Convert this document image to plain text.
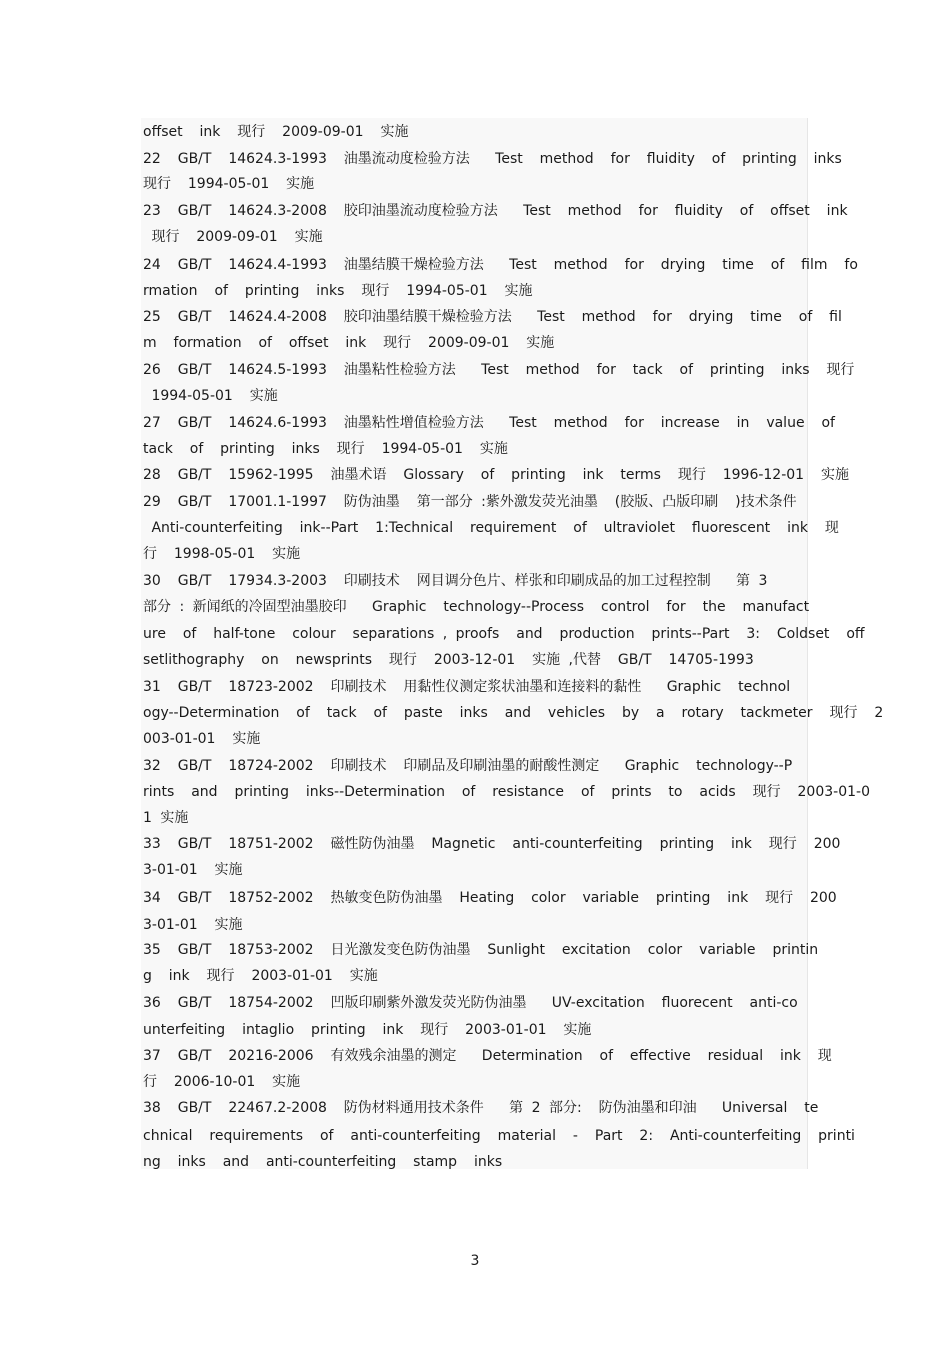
offset  ink  现行  2009-09-01  实施
22  GB/T  14624.3-1993  油墨流动度检验方法   Test  method  for  fluidity  of  printing  inks
现行  1994-05-01  实施
23  GB/T  14624.3-2008  胶印油墨流动度检验方法   Test  method  for  fluidity  of  offset  ink
现行  2009-09-01  实施
24  GB/T  14624.4-1993  油墨结膜干燥检验方法   Test  method  for  drying  time  of  film  fo
rmation  of  printing  inks  现行  1994-05-01  实施
25  GB/T  14624.4-2008  胶印油墨结膜干燥检验方法   Test  method  for  drying  time  of  fil
m  formation  of  offset  ink  现行  2009-09-01  实施
26  GB/T  14624.5-1993  油墨粘性检验方法   Test  method  for  tack  of  printing  inks  现行
1994-05-01  实施
27  GB/T  14624.6-1993  油墨粘性增值检验方法   Test  method  for  increase  in  value  of
tack  of  printing  inks  现行  1994-05-01  实施
28  GB/T  15962-1995  油墨术语  Glossary  of  printing  ink  terms  现行  1996-12-01  实施
29  GB/T  17001.1-1997  防伪油墨  第一部分 :紫外激发荧光油墨  (胶版、凸版印刷  )技术条件
Anti-counterfeiting  ink--Part  1:Technical  requirement  of  ultraviolet  fluorescent  ink  现
行  1998-05-01  实施
30  GB/T  17934.3-2003  印刷技术  网目调分色片、样张和印刷成品的加工过程控制   第 3
部分 : 新闻纸的冷固型油墨胶印   Graphic  technology--Process  control  for  the  manufact
ure  of  half-tone  colour  separations , proofs  and  production  prints--Part  3:  Coldset  off
setlithography  on  newsprints  现行  2003-12-01  实施 ,代替  GB/T  14705-1993
31  GB/T  18723-2002  印刷技术  用黏性仪测定浆状油墨和连接料的黏性   Graphic  technol
ogy--Determination  of  tack  of  paste  inks  and  vehicles  by  a  rotary  tackmeter  现行  2
003-01-01  实施
32  GB/T  18724-2002  印刷技术  印刷品及印刷油墨的耐酸性测定   Graphic  technology--P
rints  and  printing  inks--Determination  of  resistance  of  prints  to  acids  现行  2003-01-0
1 实施
33  GB/T  18751-2002  磁性防伪油墨  Magnetic  anti-counterfeiting  printing  ink  现行  200
3-01-01  实施
34  GB/T  18752-2002  热敏变色防伪油墨  Heating  color  variable  printing  ink  现行  200
3-01-01  实施
35  GB/T  18753-2002  日光激发变色防伪油墨  Sunlight  excitation  color  variable  printin
g  ink  现行  2003-01-01  实施
36  GB/T  18754-2002  凹版印刷紫外激发荧光防伪油墨   UV-excitation  fluorecent  anti-co
unterfeiting  intaglio  printing  ink  现行  2003-01-01  实施
37  GB/T  20216-2006  有效残余油墨的测定   Determination  of  effective  residual  ink  现
行  2006-10-01  实施
38  GB/T  22467.2-2008  防伪材料通用技术条件   第 2 部分:  防伪油墨和印油   Universal  te
chnical  requirements  of  anti-counterfeiting  material  -  Part  2:  Anti-counterfeiting  printi
ng  inks  and  anti-counterfeiting  stamp  inks
3
